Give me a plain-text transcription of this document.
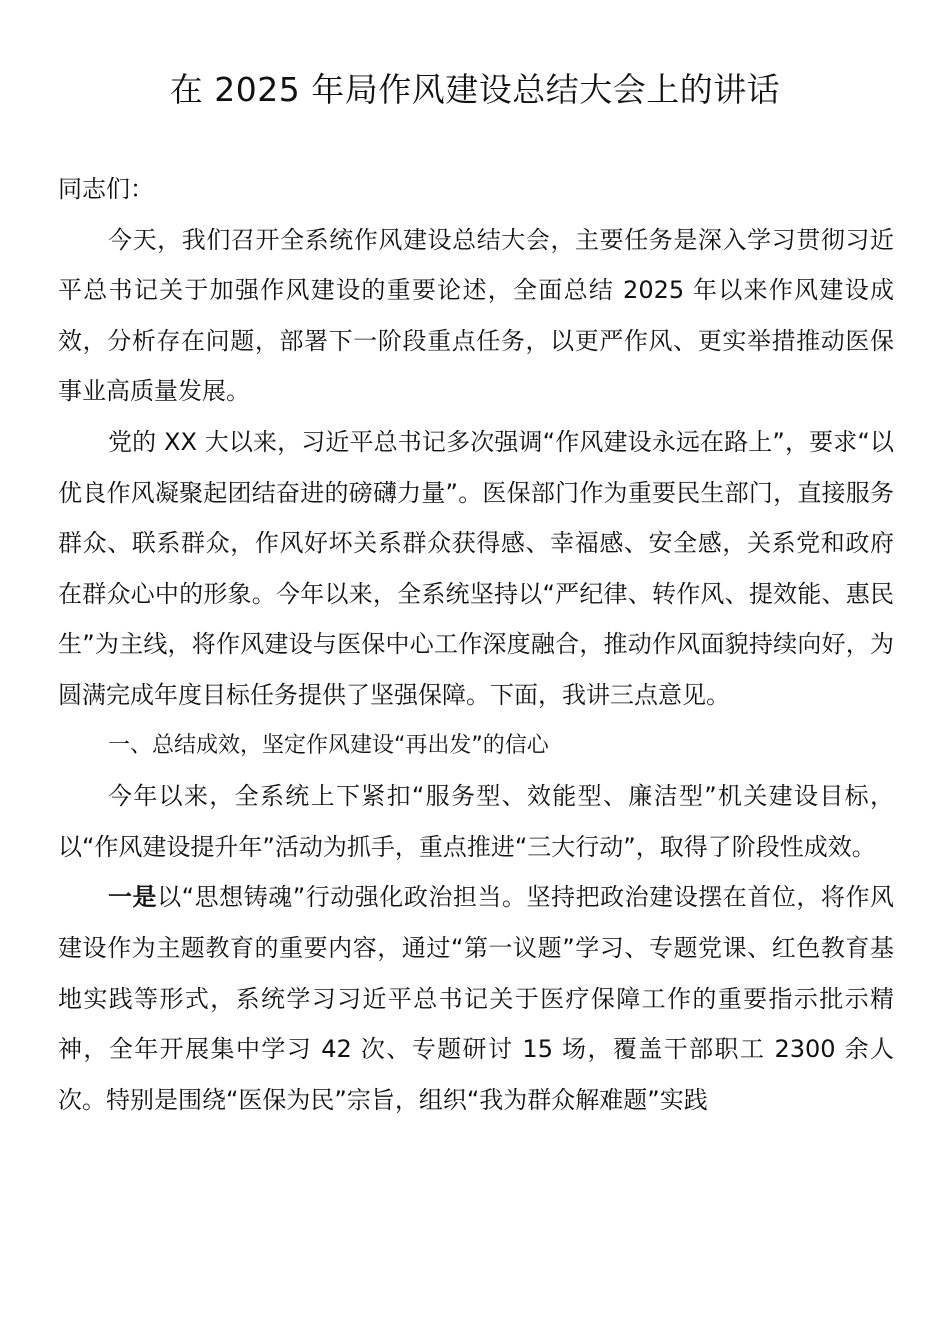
在 2025 年局作风建设总结大会上的讲话

同志们：

今天，我们召开全系统作风建设总结大会，主要任务是深入学习贯彻习近平总书记关于加强作风建设的重要论述，全面总结 2025 年以来作风建设成效，分析存在问题，部署下一阶段重点任务，以更严作风、更实举措推动医保事业高质量发展。

党的 XX 大以来，习近平总书记多次强调“作风建设永远在路上”，要求“以优良作风凝聚起团结奋进的磅礴力量”。医保部门作为重要民生部门，直接服务群众、联系群众，作风好坏关系群众获得感、幸福感、安全感，关系党和政府在群众心中的形象。今年以来，全系统坚持以“严纪律、转作风、提效能、惠民生”为主线，将作风建设与医保中心工作深度融合，推动作风面貌持续向好，为圆满完成年度目标任务提供了坚强保障。下面，我讲三点意见。

一、总结成效，坚定作风建设“再出发”的信心

今年以来，全系统上下紧扣“服务型、效能型、廉洁型”机关建设目标，以“作风建设提升年”活动为抓手，重点推进“三大行动”，取得了阶段性成效。

一是以“思想铸魂”行动强化政治担当。坚持把政治建设摆在首位，将作风建设作为主题教育的重要内容，通过“第一议题”学习、专题党课、红色教育基地实践等形式，系统学习习近平总书记关于医疗保障工作的重要指示批示精神，全年开展集中学习 42 次、专题研讨 15 场，覆盖干部职工 2300 余人次。特别是围绕“医保为民”宗旨，组织“我为群众解难题”实践
